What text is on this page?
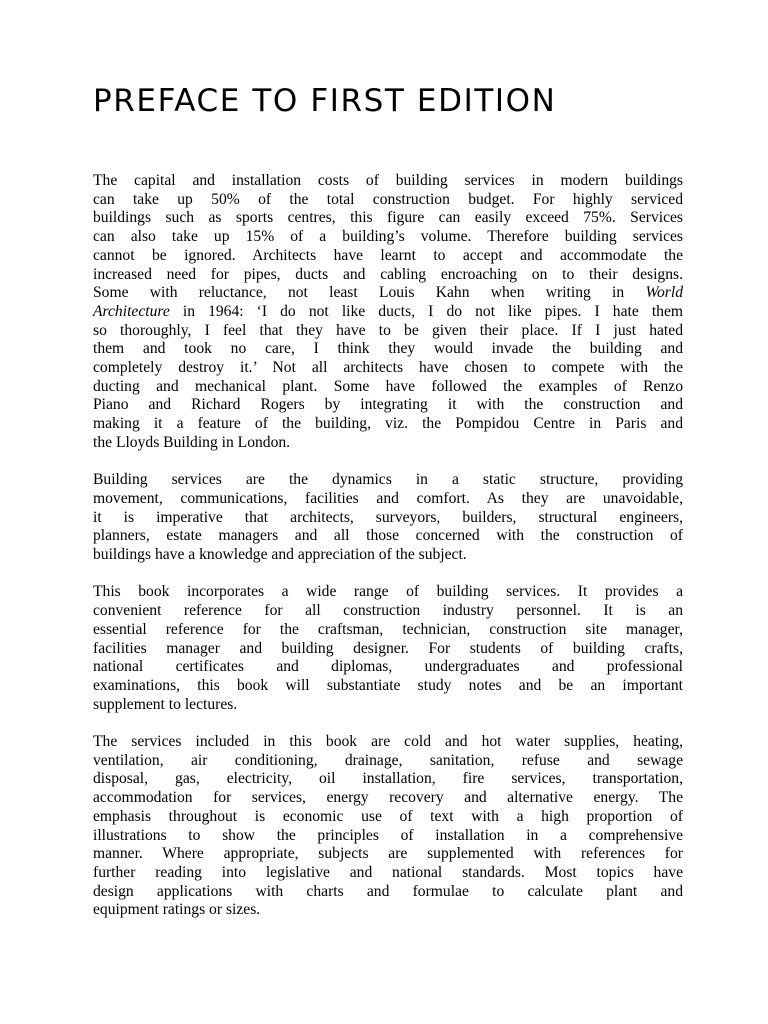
PREFACE TO FIRST EDITION

The capital and installation costs of building services in modern buildings
can take up 50% of the total construction budget. For highly serviced
buildings such as sports centres, this figure can easily exceed 75%. Services
can also take up 15% of a building’s volume. Therefore building services
cannot be ignored. Architects have learnt to accept and accommodate the
increased need for pipes, ducts and cabling encroaching on to their designs.
Some with reluctance, not least Louis Kahn when writing in World
Architecture in 1964: ‘I do not like ducts, I do not like pipes. I hate them
so thoroughly, I feel that they have to be given their place. If I just hated
them and took no care, I think they would invade the building and
completely destroy it.’ Not all architects have chosen to compete with the
ducting and mechanical plant. Some have followed the examples of Renzo
Piano and Richard Rogers by integrating it with the construction and
making it a feature of the building, viz. the Pompidou Centre in Paris and
the Lloyds Building in London.

Building services are the dynamics in a static structure, providing
movement, communications, facilities and comfort. As they are unavoidable,
it is imperative that architects, surveyors, builders, structural engineers,
planners, estate managers and all those concerned with the construction of
buildings have a knowledge and appreciation of the subject.

This book incorporates a wide range of building services. It provides a
convenient reference for all construction industry personnel. It is an
essential reference for the craftsman, technician, construction site manager,
facilities manager and building designer. For students of building crafts,
national certificates and diplomas, undergraduates and professional
examinations, this book will substantiate study notes and be an important
supplement to lectures.

The services included in this book are cold and hot water supplies, heating,
ventilation, air conditioning, drainage, sanitation, refuse and sewage
disposal, gas, electricity, oil installation, fire services, transportation,
accommodation for services, energy recovery and alternative energy. The
emphasis throughout is economic use of text with a high proportion of
illustrations to show the principles of installation in a comprehensive
manner. Where appropriate, subjects are supplemented with references for
further reading into legislative and national standards. Most topics have
design applications with charts and formulae to calculate plant and
equipment ratings or sizes.
